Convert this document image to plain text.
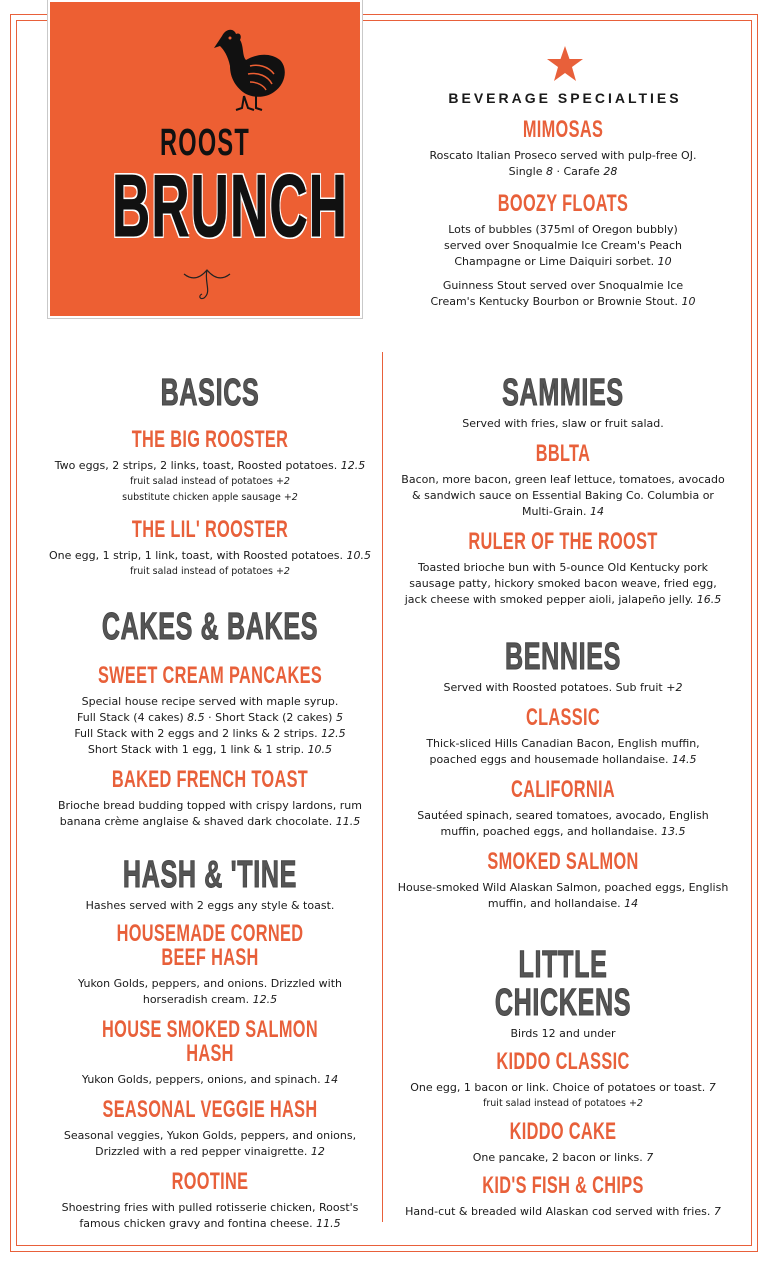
ROOST
BRUNCH
BEVERAGE SPECIALTIES
MIMOSAS

Roscato Italian Proseco served with pulp-free OJ.

Single 8 · Carafe 28

BOOZY FLOATS

Lots of bubbles (375ml of Oregon bubbly)

served over Snoqualmie Ice Cream's Peach

Champagne or Lime Daiquiri sorbet. 10

Guinness Stout served over Snoqualmie Ice

Cream's Kentucky Bourbon or Brownie Stout. 10

BASICS
THE BIG ROOSTER

Two eggs, 2 strips, 2 links, toast, Roosted potatoes. 12.5

fruit salad instead of potatoes +2

substitute chicken apple sausage +2

THE LIL' ROOSTER

One egg, 1 strip, 1 link, toast, with Roosted potatoes. 10.5

fruit salad instead of potatoes +2

CAKES & BAKES
SWEET CREAM PANCAKES

Special house recipe served with maple syrup.

Full Stack (4 cakes) 8.5 · Short Stack (2 cakes) 5

Full Stack with 2 eggs and 2 links & 2 strips. 12.5

Short Stack with 1 egg, 1 link & 1 strip. 10.5

BAKED FRENCH TOAST

Brioche bread budding topped with crispy lardons, rum

banana crème anglaise & shaved dark chocolate. 11.5

HASH & 'TINE

Hashes served with 2 eggs any style & toast.

HOUSEMADE CORNED BEEF HASH

Yukon Golds, peppers, and onions. Drizzled with

horseradish cream. 12.5

HOUSE SMOKED SALMON HASH

Yukon Golds, peppers, onions, and spinach. 14

SEASONAL VEGGIE HASH

Seasonal veggies, Yukon Golds, peppers, and onions,

Drizzled with a red pepper vinaigrette. 12

ROOTINE

Shoestring fries with pulled rotisserie chicken, Roost's

famous chicken gravy and fontina cheese. 11.5

SAMMIES

Served with fries, slaw or fruit salad.

BBLTA

Bacon, more bacon, green leaf lettuce, tomatoes, avocado

& sandwich sauce on Essential Baking Co. Columbia or

Multi-Grain. 14

RULER OF THE ROOST

Toasted brioche bun with 5-ounce Old Kentucky pork

sausage patty, hickory smoked bacon weave, fried egg,

jack cheese with smoked pepper aioli, jalapeño jelly. 16.5

BENNIES

Served with Roosted potatoes. Sub fruit +2

CLASSIC

Thick-sliced Hills Canadian Bacon, English muffin,

poached eggs and housemade hollandaise. 14.5

CALIFORNIA

Sautéed spinach, seared tomatoes, avocado, English

muffin, poached eggs, and hollandaise. 13.5

SMOKED SALMON

House-smoked Wild Alaskan Salmon, poached eggs, English

muffin, and hollandaise. 14

LITTLE CHICKENS

Birds 12 and under

KIDDO CLASSIC

One egg, 1 bacon or link. Choice of potatoes or toast. 7

fruit salad instead of potatoes +2

KIDDO CAKE

One pancake, 2 bacon or links. 7

KID'S FISH & CHIPS

Hand-cut & breaded wild Alaskan cod served with fries. 7
